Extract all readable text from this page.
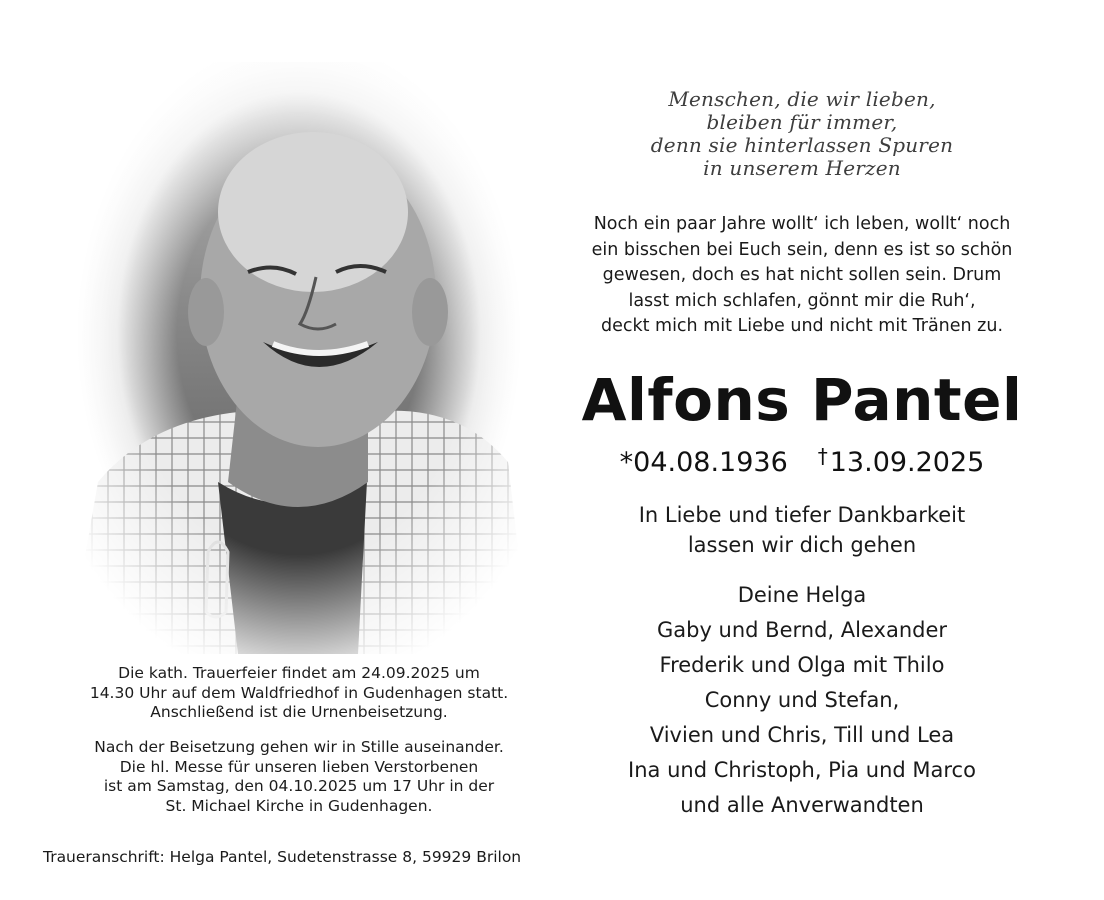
Menschen, die wir lieben,
bleiben für immer,
denn sie hinterlassen Spuren
in unserem Herzen
Noch ein paar Jahre wollt‘ ich leben, wollt‘ noch
ein bisschen bei Euch sein, denn es ist so schön
gewesen, doch es hat nicht sollen sein. Drum
lasst mich schlafen, gönnt mir die Ruh‘,
deckt mich mit Liebe und nicht mit Tränen zu.
Alfons Pantel
*04.08.1936 †13.09.2025
In Liebe und tiefer Dankbarkeit
lassen wir dich gehen
Deine Helga
Gaby und Bernd, Alexander
Frederik und Olga mit Thilo
Conny und Stefan,
Vivien und Chris, Till und Lea
Ina und Christoph, Pia und Marco
und alle Anverwandten
Die kath. Trauerfeier findet am 24.09.2025 um
14.30 Uhr auf dem Waldfriedhof in Gudenhagen statt.
Anschließend ist die Urnenbeisetzung.
Nach der Beisetzung gehen wir in Stille auseinander.
Die hl. Messe für unseren lieben Verstorbenen
ist am Samstag, den 04.10.2025 um 17 Uhr in der
St. Michael Kirche in Gudenhagen.
Traueranschrift: Helga Pantel, Sudetenstrasse 8, 59929 Brilon
